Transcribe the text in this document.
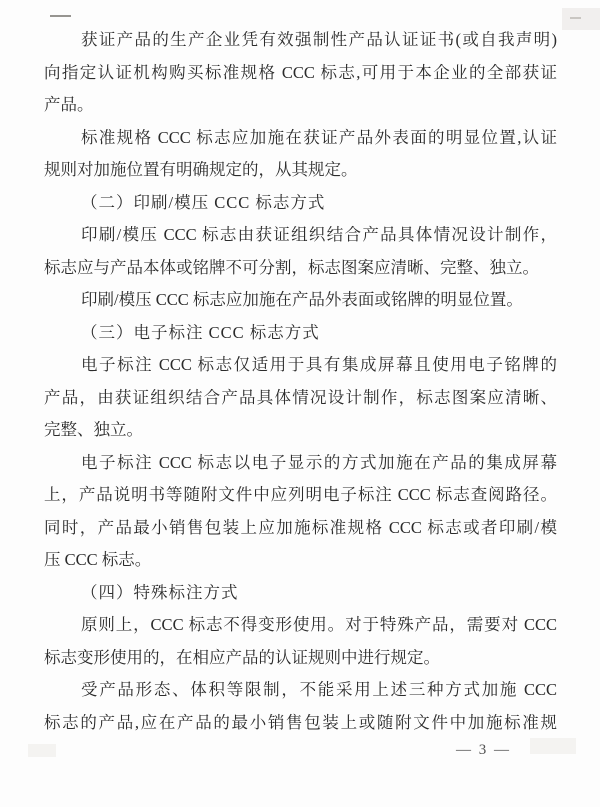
获证产品的生产企业凭有效强制性产品认证证书(或自我声明)
向指定认证机构购买标准规格 CCC 标志,可用于本企业的全部获证
产品。
标准规格 CCC 标志应加施在获证产品外表面的明显位置,认证
规则对加施位置有明确规定的，从其规定。
（二）印刷/模压 CCC 标志方式
印刷/模压 CCC 标志由获证组织结合产品具体情况设计制作，
标志应与产品本体或铭牌不可分割，标志图案应清晰、完整、独立。
印刷/模压 CCC 标志应加施在产品外表面或铭牌的明显位置。
（三）电子标注 CCC 标志方式
电子标注 CCC 标志仅适用于具有集成屏幕且使用电子铭牌的
产品，由获证组织结合产品具体情况设计制作，标志图案应清晰、
完整、独立。
电子标注 CCC 标志以电子显示的方式加施在产品的集成屏幕
上，产品说明书等随附文件中应列明电子标注 CCC 标志查阅路径。
同时，产品最小销售包装上应加施标准规格 CCC 标志或者印刷/模
压 CCC 标志。
（四）特殊标注方式
原则上，CCC 标志不得变形使用。对于特殊产品，需要对 CCC
标志变形使用的，在相应产品的认证规则中进行规定。
受产品形态、体积等限制，不能采用上述三种方式加施 CCC
标志的产品,应在产品的最小销售包装上或随附文件中加施标准规
— 3 —
